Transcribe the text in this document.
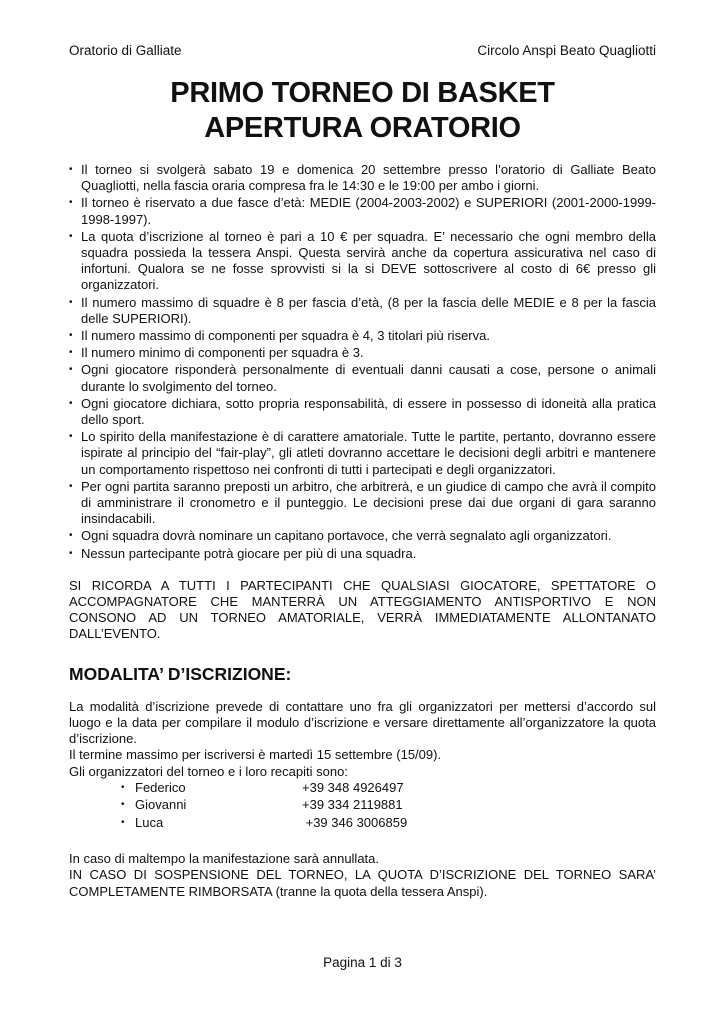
Oratorio di Galliate	Circolo Anspi Beato Quagliotti
PRIMO TORNEO DI BASKET
APERTURA ORATORIO
• Il torneo si svolgerà sabato 19 e domenica 20 settembre presso l’oratorio di Galliate Beato Quagliotti, nella fascia oraria compresa fra le 14:30 e le 19:00 per ambo i giorni.
• Il torneo è riservato a due fasce d’età: MEDIE (2004-2003-2002) e SUPERIORI (2001-2000-1999-1998-1997).
• La quota d’iscrizione al torneo è pari a 10 € per squadra. E’ necessario che ogni membro della squadra possieda la tessera Anspi. Questa servirà anche da copertura assicurativa nel caso di infortuni. Qualora se ne fosse sprovvisti si la si DEVE sottoscrivere al costo di 6€ presso gli organizzatori.
• Il numero massimo di squadre è 8 per fascia d’età, (8 per la fascia delle MEDIE e 8 per la fascia delle SUPERIORI).
• Il numero massimo di componenti per squadra è 4, 3 titolari più riserva.
• Il numero minimo di componenti per squadra è 3.
• Ogni giocatore risponderà personalmente di eventuali danni causati a cose, persone o animali durante lo svolgimento del torneo.
• Ogni giocatore dichiara, sotto propria responsabilità, di essere in possesso di idoneità alla pratica dello sport.
• Lo spirito della manifestazione è di carattere amatoriale. Tutte le partite, pertanto, dovranno essere ispirate al principio del “fair-play”, gli atleti dovranno accettare le decisioni degli arbitri e mantenere un comportamento rispettoso nei confronti di tutti i partecipati e degli organizzatori.
• Per ogni partita saranno preposti un arbitro, che arbitrerà, e un giudice di campo che avrà il compito di amministrare il cronometro e il punteggio. Le decisioni prese dai due organi di gara saranno insindacabili.
• Ogni squadra dovrà nominare un capitano portavoce, che verrà segnalato agli organizzatori.
• Nessun partecipante potrà giocare per più di una squadra.
SI RICORDA A TUTTI I PARTECIPANTI CHE QUALSIASI GIOCATORE, SPETTATORE O ACCOMPAGNATORE CHE MANTERRÀ UN ATTEGGIAMENTO ANTISPORTIVO E NON CONSONO AD UN TORNEO AMATORIALE, VERRÀ IMMEDIATAMENTE ALLONTANATO DALL’EVENTO.
MODALITA’ D’ISCRIZIONE:
La modalità d’iscrizione prevede di contattare uno fra gli organizzatori per mettersi d’accordo sul luogo e la data per compilare il modulo d’iscrizione e versare direttamente all’organizzatore la quota d’iscrizione.
Il termine massimo per iscriversi è martedì 15 settembre (15/09).
Gli organizzatori del torneo e i loro recapiti sono:
• Federico	+39 348 4926497
• Giovanni	+39 334 2119881
• Luca	+39 346 3006859
In caso di maltempo la manifestazione sarà annullata.
IN CASO DI SOSPENSIONE DEL TORNEO, LA QUOTA D’ISCRIZIONE DEL TORNEO SARA’ COMPLETAMENTE RIMBORSATA (tranne la quota della tessera Anspi).
Pagina 1 di 3
